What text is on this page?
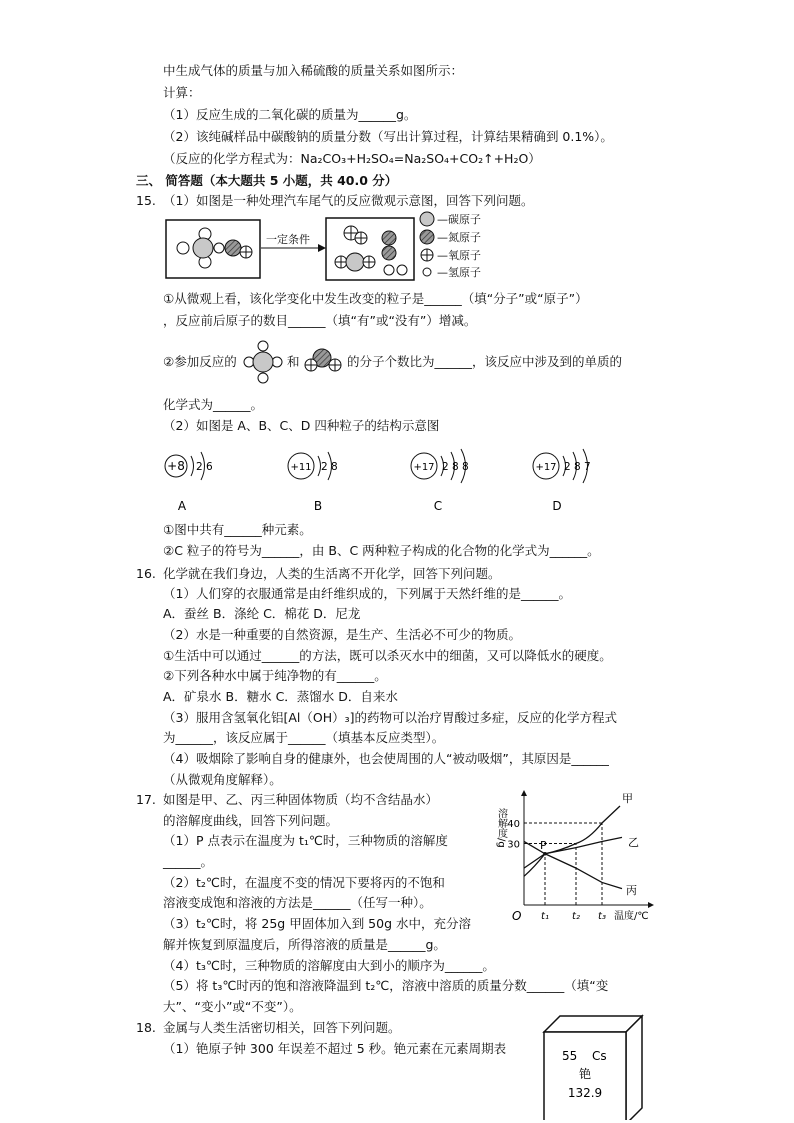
中生成气体的质量与加入稀硫酸的质量关系如图所示：
计算：
（1）反应生成的二氧化碳的质量为______g。
（2）该纯碱样品中碳酸钠的质量分数（写出计算过程，计算结果精确到 0.1%）。
（反应的化学方程式为：Na₂CO₃+H₂SO₄=Na₂SO₄+CO₂↑+H₂O）
三、 简答题（本大题共 5 小题，共 40.0 分）
15. （1）如图是一种处理汽车尾气的反应微观示意图，回答下列问题。
一定条件
—碳原子
—氮原子
—氧原子
—氢原子
①从微观上看，该化学变化中发生改变的粒子是______（填“分子”或“原子”）
，反应前后原子的数目______（填“有”或“没有”）增减。
②参加反应的	和	的分子个数比为______，该反应中涉及到的单质的
化学式为______。
（2）如图是 A、B、C、D 四种粒子的结构示意图
+8 2 6
A
+11 2 8
B
+17 2 8 8
C
+17 2 8 7
D
①图中共有______种元素。
②C 粒子的符号为______，由 B、C 两种粒子构成的化合物的化学式为______。
16. 化学就在我们身边，人类的生活离不开化学，回答下列问题。
（1）人们穿的衣服通常是由纤维织成的，下列属于天然纤维的是______。
A．蚕丝 B．涤纶 C．棉花 D．尼龙
（2）水是一种重要的自然资源，是生产、生活必不可少的物质。
①生活中可以通过______的方法，既可以杀灭水中的细菌，又可以降低水的硬度。
②下列各种水中属于纯净物的有______。
A．矿泉水 B．糖水 C．蒸馏水 D．自来水
（3）服用含氢氧化铝[Al（OH）₃]的药物可以治疗胃酸过多症，反应的化学方程式
为______，该反应属于______（填基本反应类型）。
（4）吸烟除了影响自身的健康外，也会使周围的人“被动吸烟”，其原因是______
（从微观角度解释）。
17. 如图是甲、乙、丙三种固体物质（均不含结晶水）
的溶解度曲线，回答下列问题。
（1）P 点表示在温度为 t₁℃时，三种物质的溶解度
______。
（2）t₂℃时，在温度不变的情况下要将丙的不饱和
溶液变成饱和溶液的方法是______（任写一种）。
（3）t₂℃时，将 25g 甲固体加入到 50g 水中，充分溶
解并恢复到原温度后，所得溶液的质量是______g。
（4）t₃℃时，三种物质的溶解度由大到小的顺序为______。
（5）将 t₃℃时丙的饱和溶液降温到 t₂℃，溶液中溶质的质量分数______（填“变
大”、“变小”或“不变”）。
O
溶解度/g
温度/℃
30
40
t₁ t₂ t₃
甲
乙
丙
P
18. 金属与人类生活密切相关，回答下列问题。
（1）铯原子钟 300 年误差不超过 5 秒。铯元素在元素周期表	55 Cs
铯
132.9
